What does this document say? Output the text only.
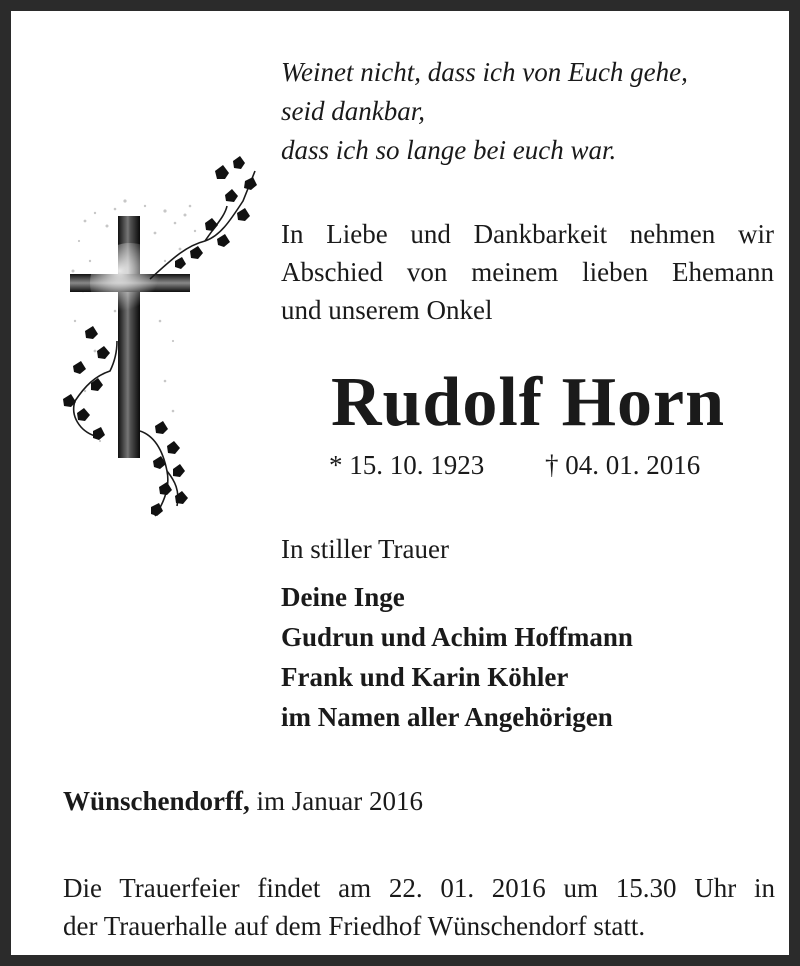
Weinet nicht, dass ich von Euch gehe,
seid dankbar,
dass ich so lange bei euch war.
In Liebe und Dankbarkeit nehmen wir
Abschied von meinem lieben Ehemann
und unserem Onkel
Rudolf Horn
* 15. 10. 1923 † 04. 01. 2016
In stiller Trauer
Deine Inge
Gudrun und Achim Hoffmann
Frank und Karin Köhler
im Namen aller Angehörigen
Wünschendorff, im Januar 2016
Die Trauerfeier findet am 22. 01. 2016 um 15.30 Uhr in
der Trauerhalle auf dem Friedhof Wünschendorf statt.
